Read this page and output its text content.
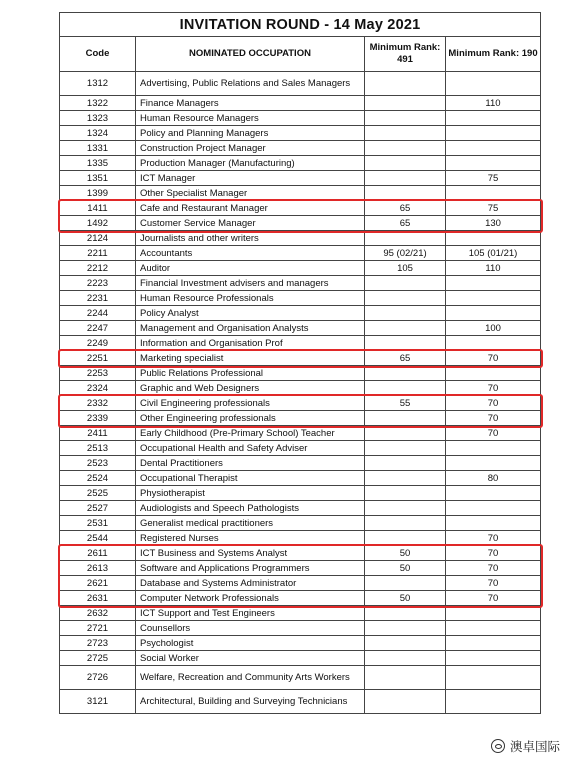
INVITATION ROUND - 14 May 2021			
Code	NOMINATED OCCUPATION	Minimum Rank: 491	Minimum Rank: 190
1312	Advertising, Public Relations and Sales Managers		
1322	Finance Managers		110
1323	Human Resource Managers		
1324	Policy and Planning Managers		
1331	Construction Project Manager		
1335	Production Manager (Manufacturing)		
1351	ICT Manager		75
1399	Other Specialist Manager		
1411	Cafe and Restaurant Manager	65	75
1492	Customer Service Manager	65	130
2124	Journalists and other writers		
2211	Accountants	95 (02/21)	105 (01/21)
2212	Auditor	105	110
2223	Financial Investment advisers and managers		
2231	Human Resource Professionals		
2244	Policy Analyst		
2247	Management and Organisation Analysts		100
2249	Information and Organisation Prof		
2251	Marketing specialist	65	70
2253	Public Relations Professional		
2324	Graphic and Web Designers		70
2332	Civil Engineering professionals	55	70
2339	Other Engineering professionals		70
2411	Early Childhood (Pre-Primary School) Teacher		70
2513	Occupational Health and Safety Adviser		
2523	Dental Practitioners		
2524	Occupational Therapist		80
2525	Physiotherapist		
2527	Audiologists and Speech Pathologists		
2531	Generalist medical practitioners		
2544	Registered Nurses		70
2611	ICT Business and Systems Analyst	50	70
2613	Software and Applications Programmers	50	70
2621	Database and Systems Administrator		70
2631	Computer Network Professionals	50	70
2632	ICT Support and Test Engineers		
2721	Counsellors		
2723	Psychologist		
2725	Social Worker		
2726	Welfare, Recreation and Community Arts Workers		
3121	Architectural, Building and Surveying Technicians		
澳卓国际
